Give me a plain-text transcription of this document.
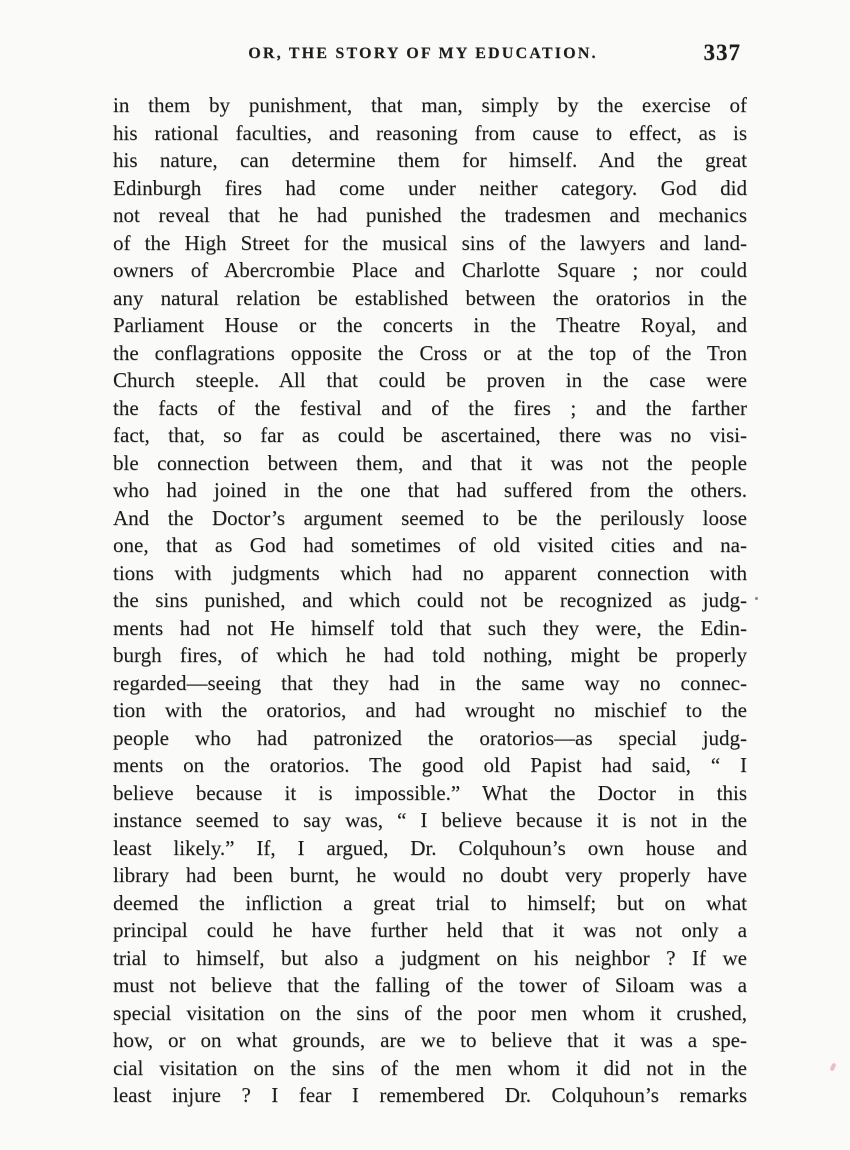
OR, THE STORY OF MY EDUCATION.	337
in them by punishment, that man, simply by the exercise of
his rational faculties, and reasoning from cause to effect, as is
his nature, can determine them for himself. And the great
Edinburgh fires had come under neither category. God did
not reveal that he had punished the tradesmen and mechanics
of the High Street for the musical sins of the lawyers and land-
owners of Abercrombie Place and Charlotte Square ; nor could
any natural relation be established between the oratorios in the
Parliament House or the concerts in the Theatre Royal, and
the conflagrations opposite the Cross or at the top of the Tron
Church steeple. All that could be proven in the case were
the facts of the festival and of the fires ; and the farther
fact, that, so far as could be ascertained, there was no visi-
ble connection between them, and that it was not the people
who had joined in the one that had suffered from the others.
And the Doctor’s argument seemed to be the perilously loose
one, that as God had sometimes of old visited cities and na-
tions with judgments which had no apparent connection with
the sins punished, and which could not be recognized as judg-
ments had not He himself told that such they were, the Edin-
burgh fires, of which he had told nothing, might be properly
regarded—seeing that they had in the same way no connec-
tion with the oratorios, and had wrought no mischief to the
people who had patronized the oratorios—as special judg-
ments on the oratorios. The good old Papist had said, “ I
believe because it is impossible.” What the Doctor in this
instance seemed to say was, “ I believe because it is not in the
least likely.” If, I argued, Dr. Colquhoun’s own house and
library had been burnt, he would no doubt very properly have
deemed the infliction a great trial to himself; but on what
principal could he have further held that it was not only a
trial to himself, but also a judgment on his neighbor ? If we
must not believe that the falling of the tower of Siloam was a
special visitation on the sins of the poor men whom it crushed,
how, or on what grounds, are we to believe that it was a spe-
cial visitation on the sins of the men whom it did not in the
least injure ? I fear I remembered Dr. Colquhoun’s remarks
